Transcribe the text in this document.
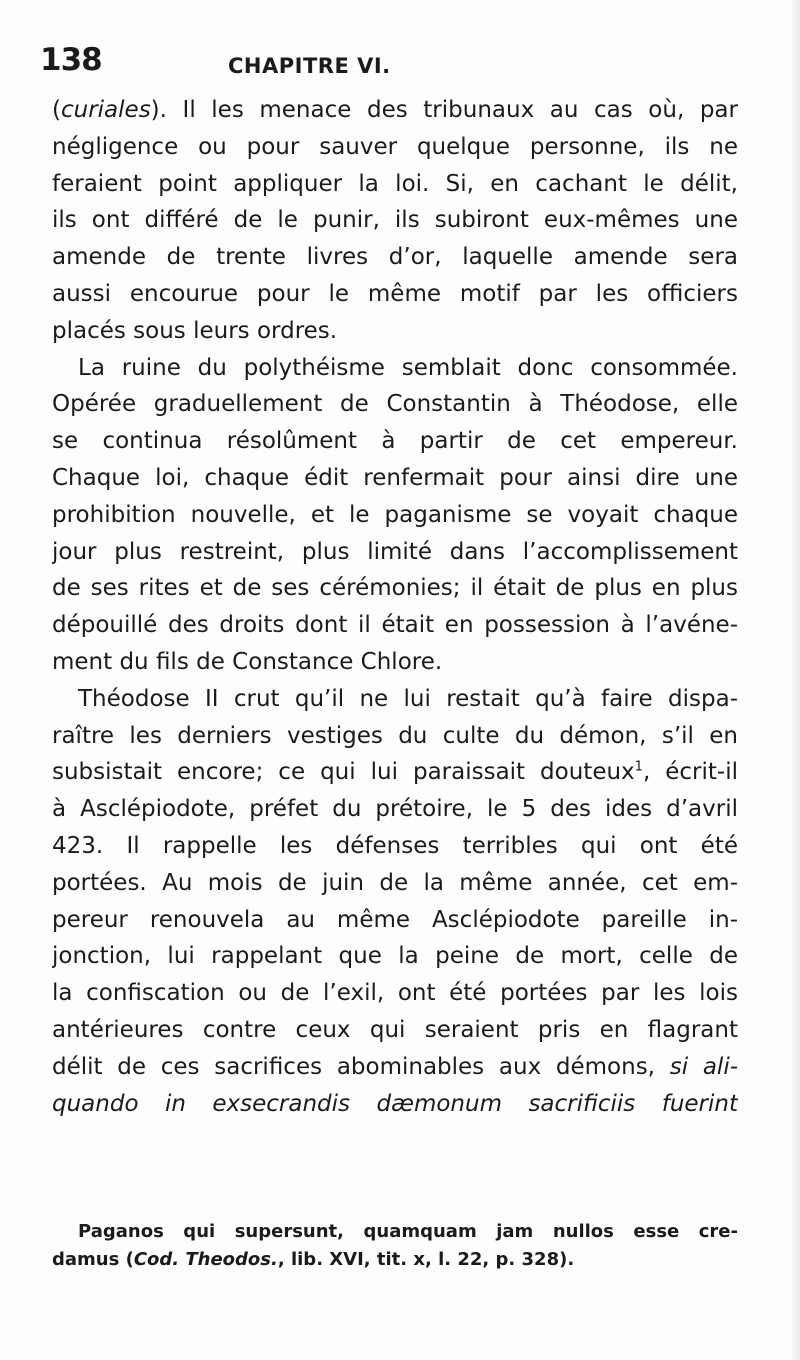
138	CHAPITRE VI.
(curiales). Il les menace des tribunaux au cas où, par
négligence ou pour sauver quelque personne, ils ne
feraient point appliquer la loi. Si, en cachant le délit,
ils ont différé de le punir, ils subiront eux-mêmes une
amende de trente livres d’or, laquelle amende sera
aussi encourue pour le même motif par les officiers
placés sous leurs ordres.
La ruine du polythéisme semblait donc consommée.
Opérée graduellement de Constantin à Théodose, elle
se continua résolûment à partir de cet empereur.
Chaque loi, chaque édit renfermait pour ainsi dire une
prohibition nouvelle, et le paganisme se voyait chaque
jour plus restreint, plus limité dans l’accomplissement
de ses rites et de ses cérémonies; il était de plus en plus
dépouillé des droits dont il était en possession à l’avéne-
ment du fils de Constance Chlore.
Théodose II crut qu’il ne lui restait qu’à faire dispa-
raître les derniers vestiges du culte du démon, s’il en
subsistait encore; ce qui lui paraissait douteux$^1$, écrit-il
à Asclépiodote, préfet du prétoire, le 5 des ides d’avril
423. Il rappelle les défenses terribles qui ont été
portées. Au mois de juin de la même année, cet em-
pereur renouvela au même Asclépiodote pareille in-
jonction, lui rappelant que la peine de mort, celle de
la confiscation ou de l’exil, ont été portées par les lois
antérieures contre ceux qui seraient pris en flagrant
délit de ces sacrifices abominables aux démons, si ali-
quando in exsecrandis dæmonum sacrificiis fuerint
Paganos qui supersunt, quamquam jam nullos esse cre-
damus (Cod. Theodos., lib. XVI, tit. x, l. 22, p. 328).
